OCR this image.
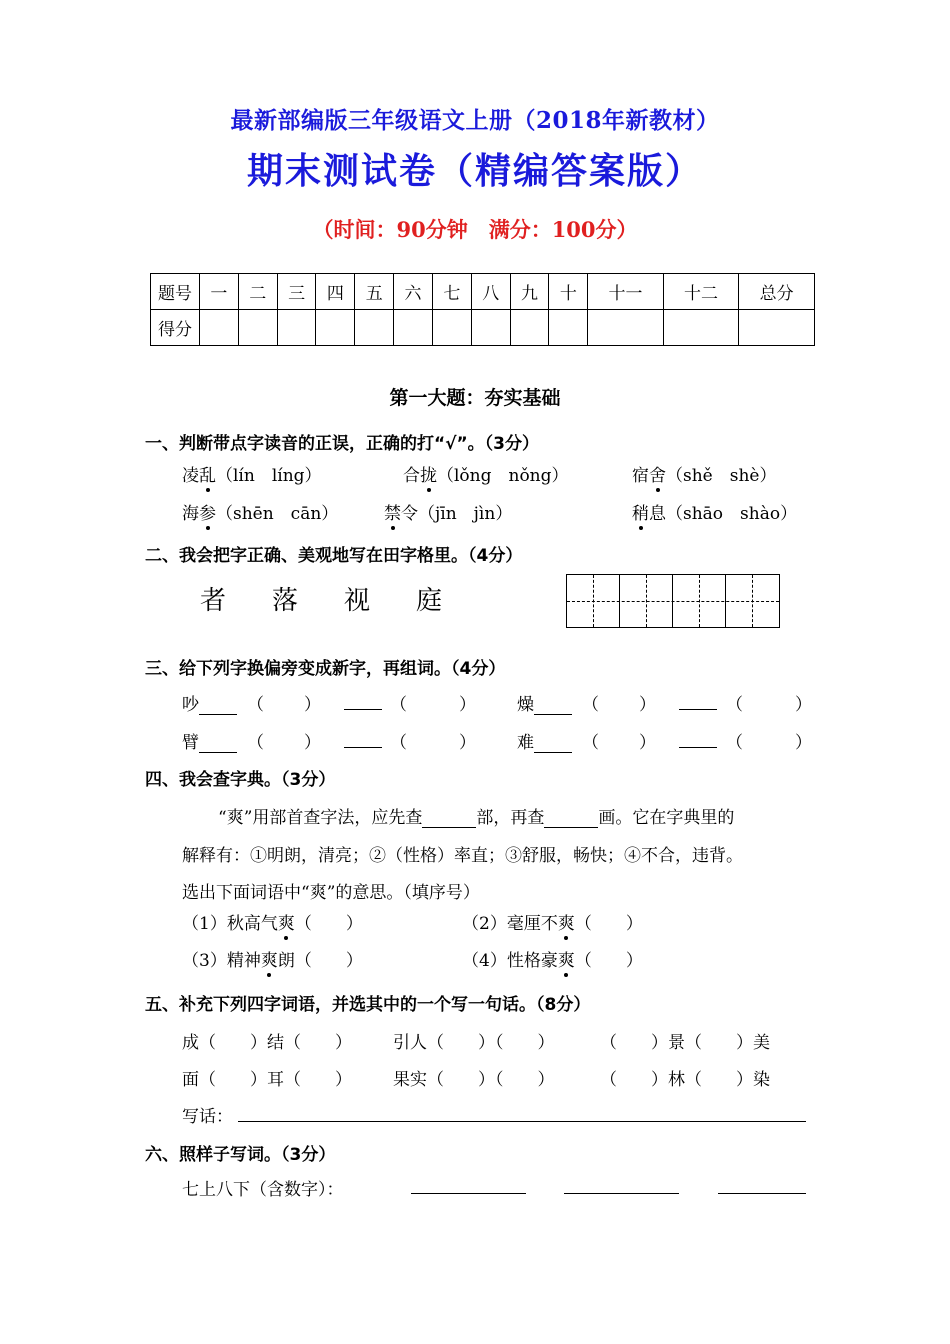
最新部编版三年级语文上册（2018年新教材）
期末测试卷（精编答案版）
（时间：90分钟　满分：100分）
题号	一	二	三	四	五	六	七	八	九	十	十一	十二	总分
得分													
第一大题：夯实基础
一、判断带点字读音的正误，正确的打“√”。（3分）
凌乱（lín　líng）	合拢（lǒng　nǒng）	宿舍（shě　shè）
海参（shēn　cān）	禁令（jīn　jìn）	稍息（shāo　shào）
二、我会把字正确、美观地写在田字格里。（4分）
者 落 视 庭
三、给下列字换偏旁变成新字，再组词。（4分）
吵	（ ）	（	） 燥	（ ）	（	）
臂	（ ）	（	） 难	（ ）	（	）
四、我会查字典。（3分）
“爽”用部首查字法，应先查	部，再查	画。它在字典里的
解释有：①明朗，清亮；②（性格）率直；③舒服，畅快；④不合，违背。
选出下面词语中“爽”的意思。（填序号）
（1）秋高气爽（　　）	（2）毫厘不爽（　　）
（3）精神爽朗（　　）	（4）性格豪爽（　　）
五、补充下列四字词语，并选其中的一个写一句话。（8分）
成（　　）结（　　） 引人（　　）（　　）	（　　）景（　　）美
面（　　）耳（　　） 果实（　　）（　　）	（　　）林（　　）染
写话：
六、照样子写词。（3分）
七上八下（含数字）：
